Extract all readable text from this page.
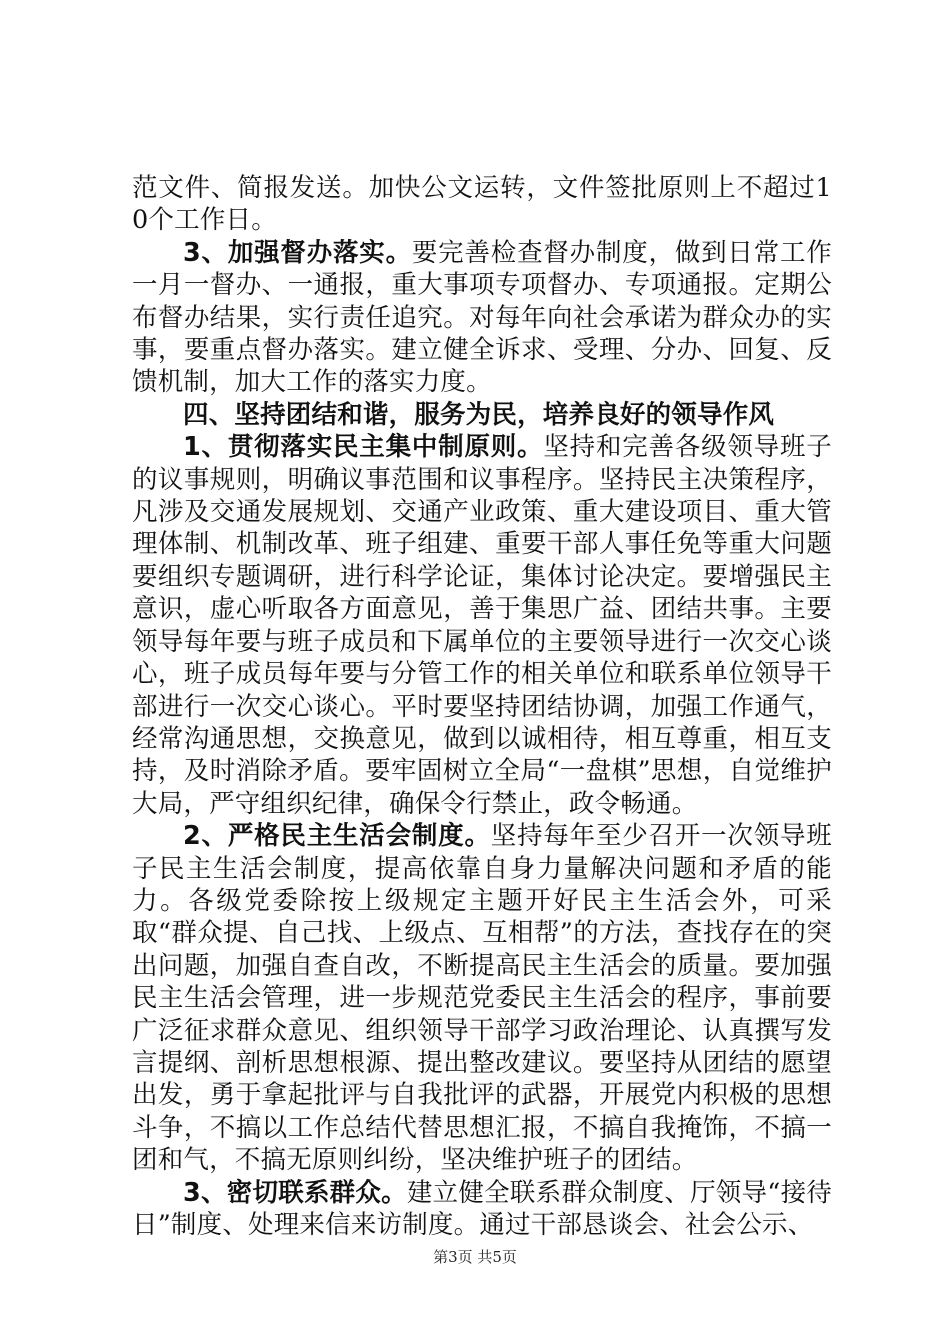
范文件、简报发送。加快公文运转，文件签批原则上不超过10个工作日。

3、加强督办落实。要完善检查督办制度，做到日常工作一月一督办、一通报，重大事项专项督办、专项通报。定期公布督办结果，实行责任追究。对每年向社会承诺为群众办的实事，要重点督办落实。建立健全诉求、受理、分办、回复、反馈机制，加大工作的落实力度。

四、坚持团结和谐，服务为民，培养良好的领导作风

1、贯彻落实民主集中制原则。坚持和完善各级领导班子的议事规则，明确议事范围和议事程序。坚持民主决策程序，凡涉及交通发展规划、交通产业政策、重大建设项目、重大管理体制、机制改革、班子组建、重要干部人事任免等重大问题要组织专题调研，进行科学论证，集体讨论决定。要增强民主意识，虚心听取各方面意见，善于集思广益、团结共事。主要领导每年要与班子成员和下属单位的主要领导进行一次交心谈心，班子成员每年要与分管工作的相关单位和联系单位领导干部进行一次交心谈心。平时要坚持团结协调，加强工作通气，经常沟通思想，交换意见，做到以诚相待，相互尊重，相互支持，及时消除矛盾。要牢固树立全局“一盘棋”思想，自觉维护大局，严守组织纪律，确保令行禁止，政令畅通。

2、严格民主生活会制度。坚持每年至少召开一次领导班子民主生活会制度，提高依靠自身力量解决问题和矛盾的能力。各级党委除按上级规定主题开好民主生活会外，可采取“群众提、自己找、上级点、互相帮”的方法，查找存在的突出问题，加强自查自改，不断提高民主生活会的质量。要加强民主生活会管理，进一步规范党委民主生活会的程序，事前要广泛征求群众意见、组织领导干部学习政治理论、认真撰写发言提纲、剖析思想根源、提出整改建议。要坚持从团结的愿望出发，勇于拿起批评与自我批评的武器，开展党内积极的思想斗争，不搞以工作总结代替思想汇报，不搞自我掩饰，不搞一团和气，不搞无原则纠纷，坚决维护班子的团结。

3、密切联系群众。建立健全联系群众制度、厅领导“接待日”制度、处理来信来访制度。通过干部恳谈会、社会公示、

第3页 共5页
